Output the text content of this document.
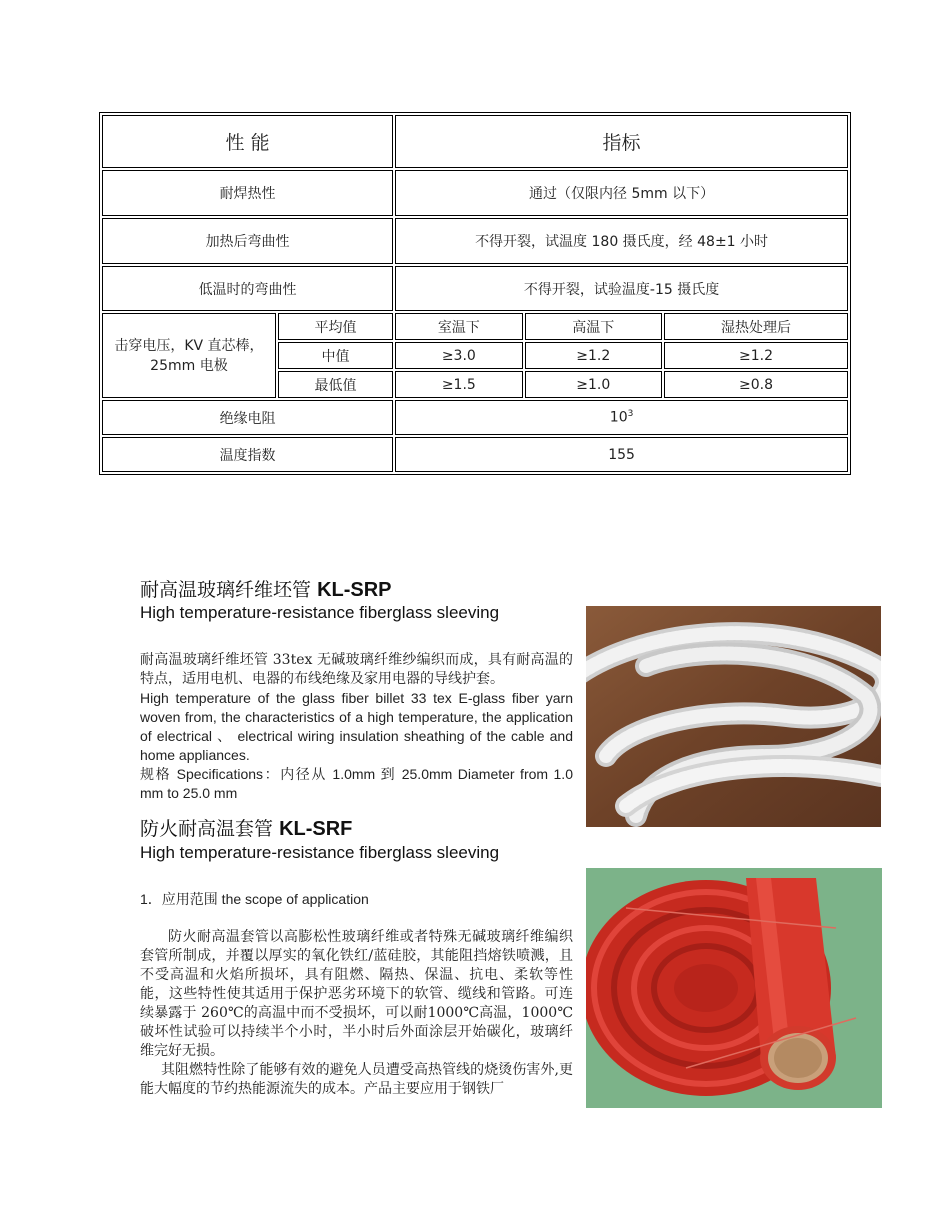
性 能		指标		
耐焊热性		通过（仅限内径 5mm 以下）		
加热后弯曲性		不得开裂，试温度 180 摄氏度，经 48±1 小时		
低温时的弯曲性		不得开裂，试验温度-15 摄氏度		
击穿电压，KV 直芯棒，
25mm 电极	平均值	室温下	高温下	湿热处理后
	中值	≥3.0	≥1.2	≥1.2
	最低值	≥1.5	≥1.0	≥0.8
绝缘电阻		$10^3$
温度指数		155		
耐高温玻璃纤维坯管 KL-SRP
High temperature-resistance fiberglass sleeving

耐高温玻璃纤维坯管 33tex 无碱玻璃纤维纱编织而成，具有耐高温的特点，适用电机、电器的布线绝缘及家用电器的导线护套。

High temperature of the glass fiber billet 33 tex E-glass fiber yarn woven from, the characteristics of a high temperature, the application of electrical 、 electrical wiring insulation sheathing of the cable and home appliances.

规格 Specifications：内径从 1.0mm 到 25.0mm Diameter from 1.0 mm to 25.0 mm

防火耐高温套管 KL-SRF
High temperature-resistance fiberglass sleeving

1．应用范围 the scope of application

防火耐高温套管以高膨松性玻璃纤维或者特殊无碱玻璃纤维编织套管所制成，并覆以厚实的氧化铁红/蓝硅胶，其能阻挡熔铁喷溅，且不受高温和火焰所损坏，具有阻燃、隔热、保温、抗电、柔软等性能，这些特性使其适用于保护恶劣环境下的软管、缆线和管路。可连续暴露于 260℃的高温中而不受损坏，可以耐1000℃高温，1000℃破坏性试验可以持续半个小时，半小时后外面涂层开始碳化，玻璃纤维完好无损。

其阻燃特性除了能够有效的避免人员遭受高热管线的烧烫伤害外,更能大幅度的节约热能源流失的成本。产品主要应用于钢铁厂
